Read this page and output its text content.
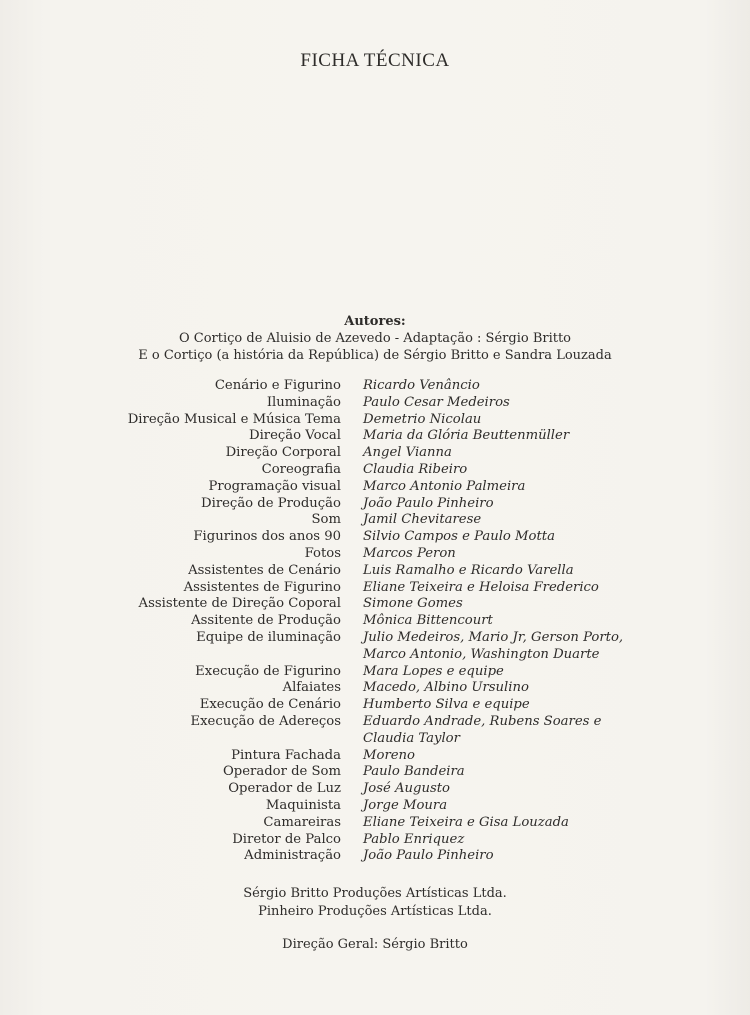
FICHA TÉCNICA
Autores:
O Cortiço de Aluisio de Azevedo - Adaptação : Sérgio Britto
E o Cortiço (a história da República) de Sérgio Britto e Sandra Louzada
Cenário e Figurino	Ricardo Venâncio
Iluminação	Paulo Cesar Medeiros
Direção Musical e Música Tema	Demetrio Nicolau
Direção Vocal	Maria da Glória Beuttenmüller
Direção Corporal	Angel Vianna
Coreografia	Claudia Ribeiro
Programação visual	Marco Antonio Palmeira
Direção de Produção	João Paulo Pinheiro
Som	Jamil Chevitarese
Figurinos dos anos 90	Silvio Campos e Paulo Motta
Fotos	Marcos Peron
Assistentes de Cenário	Luis Ramalho e Ricardo Varella
Assistentes de Figurino	Eliane Teixeira e Heloisa Frederico
Assistente de Direção Coporal	Simone Gomes
Assitente de Produção	Mônica Bittencourt
Equipe de iluminação	Julio Medeiros, Mario Jr, Gerson Porto,
Marco Antonio, Washington Duarte
Execução de Figurino	Mara Lopes e equipe
Alfaiates	Macedo, Albino Ursulino
Execução de Cenário	Humberto Silva e equipe
Execução de Adereços	Eduardo Andrade, Rubens Soares e
Claudia Taylor
Pintura Fachada	Moreno
Operador de Som	Paulo Bandeira
Operador de Luz	José Augusto
Maquinista	Jorge Moura
Camareiras	Eliane Teixeira e Gisa Louzada
Diretor de Palco	Pablo Enriquez
Administração	João Paulo Pinheiro
Sérgio Britto Produções Artísticas Ltda.
Pinheiro Produções Artísticas Ltda.
Direção Geral: Sérgio Britto
